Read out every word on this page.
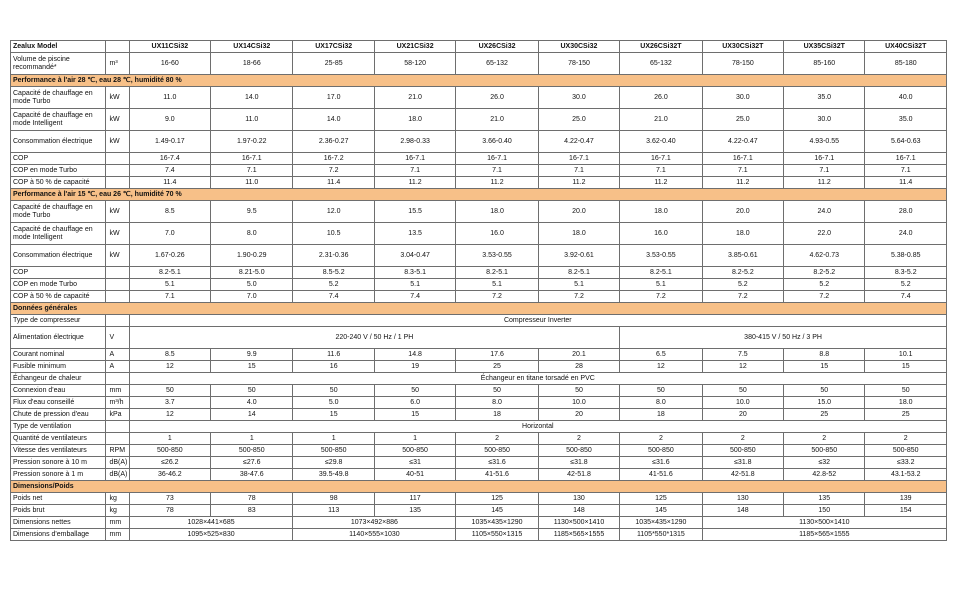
Zealux Model		UX11CSi32	UX14CSi32	UX17CSi32	UX21CSi32	UX26CSi32	UX30CSi32	UX26CSi32T	UX30CSi32T	UX35CSi32T	UX40CSi32T
Volume de piscine recommandé*	m³	16-60	18-66	25-85	58-120	65-132	78-150	65-132	78-150	85-160	85-180
Performance à l'air 28 ℃, eau 28 ℃, humidité 80 %											
Capacité de chauffage en mode Turbo	kW	11.0	14.0	17.0	21.0	26.0	30.0	26.0	30.0	35.0	40.0
Capacité de chauffage en mode Intelligent	kW	9.0	11.0	14.0	18.0	21.0	25.0	21.0	25.0	30.0	35.0
Consommation électrique	kW	1.49-0.17	1.97-0.22	2.36-0.27	2.98-0.33	3.66-0.40	4.22-0.47	3.62-0.40	4.22-0.47	4.93-0.55	5.64-0.63
COP		16-7.4	16-7.1	16-7.2	16-7.1	16-7.1	16-7.1	16-7.1	16-7.1	16-7.1	16-7.1
COP en mode Turbo		7.4	7.1	7.2	7.1	7.1	7.1	7.1	7.1	7.1	7.1
COP à 50 % de capacité		11.4	11.0	11.4	11.2	11.2	11.2	11.2	11.2	11.2	11.4
Performance à l'air 15 ℃, eau 26 ℃, humidité 70 %											
Capacité de chauffage en mode Turbo	kW	8.5	9.5	12.0	15.5	18.0	20.0	18.0	20.0	24.0	28.0
Capacité de chauffage en mode Intelligent	kW	7.0	8.0	10.5	13.5	16.0	18.0	16.0	18.0	22.0	24.0
Consommation électrique	kW	1.67-0.26	1.90-0.29	2.31-0.36	3.04-0.47	3.53-0.55	3.92-0.61	3.53-0.55	3.85-0.61	4.62-0.73	5.38-0.85
COP		8.2-5.1	8.21-5.0	8.5-5.2	8.3-5.1	8.2-5.1	8.2-5.1	8.2-5.1	8.2-5.2	8.2-5.2	8.3-5.2
COP en mode Turbo		5.1	5.0	5.2	5.1	5.1	5.1	5.1	5.2	5.2	5.2
COP à 50 % de capacité		7.1	7.0	7.4	7.4	7.2	7.2	7.2	7.2	7.2	7.4
Données générales											
Type de compresseur		Compresseur Inverter									
Alimentation électrique	V	220-240 V / 50 Hz / 1 PH						380-415 V / 50 Hz / 3 PH			
Courant nominal	A	8.5	9.9	11.6	14.8	17.6	20.1	6.5	7.5	8.8	10.1
Fusible minimum	A	12	15	16	19	25	28	12	12	15	15
Échangeur de chaleur		Échangeur en titane torsadé en PVC									
Connexion d'eau	mm	50	50	50	50	50	50	50	50	50	50
Flux d'eau conseillé	m³/h	3.7	4.0	5.0	6.0	8.0	10.0	8.0	10.0	15.0	18.0
Chute de pression d'eau	kPa	12	14	15	15	18	20	18	20	25	25
Type de ventilation		Horizontal									
Quantité de ventilateurs		1	1	1	1	2	2	2	2	2	2
Vitesse des ventilateurs	RPM	500-850	500-850	500-850	500-850	500-850	500-850	500-850	500-850	500-850	500-850
Pression sonore à 10 m	dB(A)	≤26.2	≤27.6	≤29.8	≤31	≤31.6	≤31.8	≤31.6	≤31.8	≤32	≤33.2
Pression sonore à 1 m	dB(A)	36-46.2	38-47.6	39.5-49.8	40-51	41-51.6	42-51.8	41-51.6	42-51.8	42.8-52	43.1-53.2
Dimensions/Poids											
Poids net	kg	73	78	98	117	125	130	125	130	135	139
Poids brut	kg	78	83	113	135	145	148	145	148	150	154
Dimensions nettes	mm	1028×441×685		1073×492×886		1035×435×1290	1130×500×1410	1035×435×1290	1130×500×1410		
Dimensions d'emballage	mm	1095×525×830		1140×555×1030		1105×550×1315	1185×565×1555	1105*550*1315	1185×565×1555		
